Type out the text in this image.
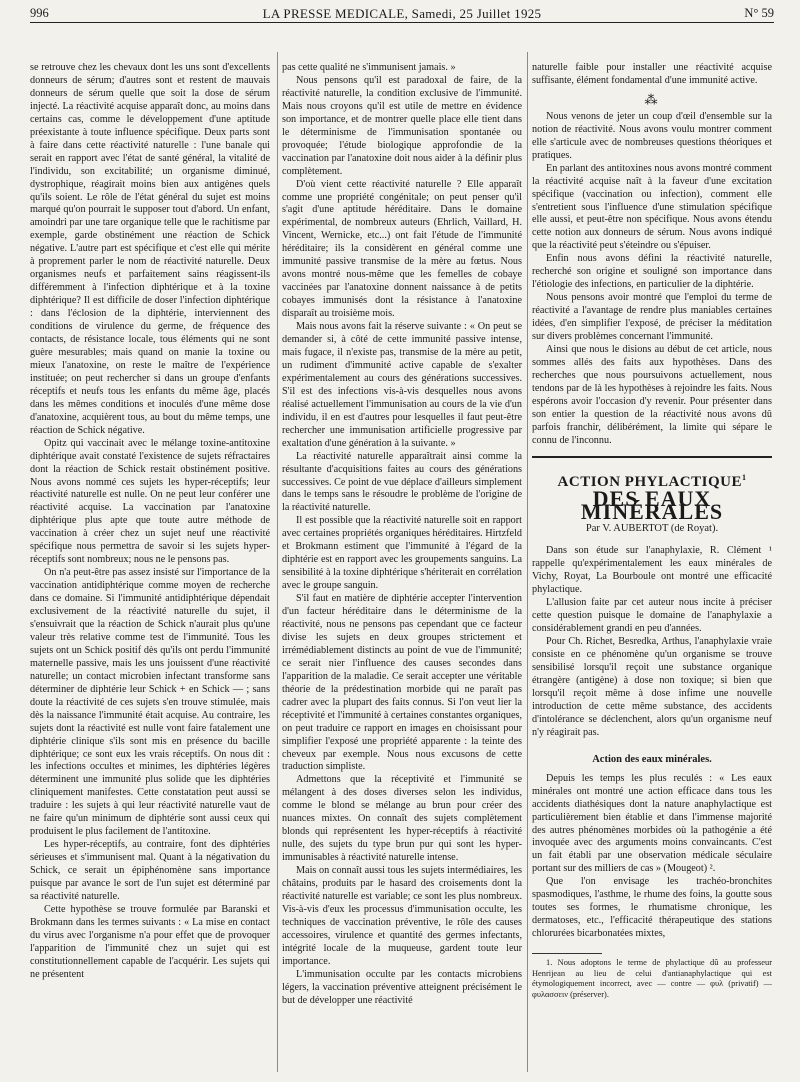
996	LA PRESSE MEDICALE, Samedi, 25 Juillet 1925	N° 59

se retrouve chez les chevaux dont les uns sont d'excellents donneurs de sérum; d'autres sont et restent de mauvais donneurs de sérum quelle que soit la dose de sérum injecté. La réactivité acquise apparaît donc, au moins dans certains cas, comme le développement d'une aptitude préexistante à toute influence spécifique. Deux parts sont à faire dans cette réactivité naturelle : l'une banale qui serait en rapport avec l'état de santé général, la vitalité de l'individu, son excitabilité; un organisme diminué, dystrophique, réagirait moins bien aux antigènes quels qu'ils soient. Le rôle de l'état général du sujet est moins marqué qu'on pourrait le supposer tout d'abord. Un enfant, amoindri par une tare organique telle que le rachitisme par exemple, garde obstinément une réaction de Schick négative. L'autre part est spécifique et c'est elle qui mérite à proprement parler le nom de réactivité naturelle. Deux organismes neufs et parfaitement sains réagissent-ils différemment à l'infection diphtérique et à la toxine diphtérique? Il est difficile de doser l'infection diphtérique : dans l'éclosion de la diphtérie, interviennent des conditions de virulence du germe, de fréquence des contacts, de résistance locale, tous éléments qui ne sont guère mesurables; mais quand on manie la toxine ou mieux l'anatoxine, on reste le maître de l'expérience instituée; on peut rechercher si dans un groupe d'enfants réceptifs et neufs tous les enfants du même âge, placés dans les mêmes conditions et inoculés d'une même dose d'anatoxine, acquièrent tous, au bout du même temps, une réaction de Schick négative.

Opitz qui vaccinait avec le mélange toxine-antitoxine diphtérique avait constaté l'existence de sujets réfractaires dont la réaction de Schick restait obstinément positive. Nous avons nommé ces sujets les hyper-réceptifs; leur réactivité naturelle est nulle. On ne peut leur conférer une réactivité acquise. La vaccination par l'anatoxine diphtérique plus apte que toute autre méthode de vaccination à créer chez un sujet neuf une réactivité spécifique nous permettra de savoir si les sujets hyper-réceptifs sont nombreux; nous ne le pensons pas.

On n'a peut-être pas assez insisté sur l'importance de la vaccination antidiphtérique comme moyen de recherche dans ce domaine. Si l'immunité antidiphtérique dépendait exclusivement de la réactivité naturelle du sujet, il s'ensuivrait que la réaction de Schick n'aurait plus qu'une valeur très relative comme test de l'immunité. Tous les sujets ont un Schick positif dès qu'ils ont perdu l'immunité maternelle passive, mais les uns jouissent d'une réactivité naturelle; un contact microbien infectant transforme sans déterminer de diphtérie leur Schick + en Schick — ; sans doute la réactivité de ces sujets s'en trouve stimulée, mais dès la naissance l'immunité était acquise. Au contraire, les sujets dont la réactivité est nulle vont faire fatalement une diphtérie clinique s'ils sont mis en présence du bacille diphtérique; ce sont eux les vrais réceptifs. On nous dit : les infections occultes et minimes, les diphtéries légères déterminent une immunité plus solide que les diphtéries cliniquement manifestes. Cette constatation peut aussi se traduire : les sujets à qui leur réactivité naturelle vaut de ne faire qu'un minimum de diphtérie sont aussi ceux qui produisent le plus facilement de l'antitoxine.

Les hyper-réceptifs, au contraire, font des diphtéries sérieuses et s'immunisent mal. Quant à la négativation du Schick, ce serait un épiphénomène sans importance puisque par avance le sort de l'un sujet est déterminé par sa réactivité naturelle.

Cette hypothèse se trouve formulée par Baranski et Brokmann dans les termes suivants : « La mise en contact du virus avec l'organisme n'a pour effet que de provoquer l'apparition de l'immunité chez un sujet qui est constitutionnellement capable de l'acquérir. Les sujets qui ne présentent

pas cette qualité ne s'immunisent jamais. »

Nous pensons qu'il est paradoxal de faire, de la réactivité naturelle, la condition exclusive de l'immunité. Mais nous croyons qu'il est utile de mettre en évidence son importance, et de montrer quelle place elle tient dans le déterminisme de l'immunisation spontanée ou provoquée; l'étude biologique approfondie de la vaccination par l'anatoxine doit nous aider à la définir plus complètement.

D'où vient cette réactivité naturelle ? Elle apparaît comme une propriété congénitale; on peut penser qu'il s'agit d'une aptitude héréditaire. Dans le domaine expérimental, de nombreux auteurs (Ehrlich, Vaillard, H. Vincent, Wernicke, etc...) ont fait l'étude de l'immunité héréditaire; ils la considèrent en général comme une immunité passive transmise de la mère au fœtus. Nous avons montré nous-même que les femelles de cobaye vaccinées par l'anatoxine donnent naissance à de petits cobayes immunisés dont la résistance à l'anatoxine disparaît au troisième mois.

Mais nous avons fait la réserve suivante : « On peut se demander si, à côté de cette immunité passive intense, mais fugace, il n'existe pas, transmise de la mère au petit, un rudiment d'immunité active capable de s'exalter expérimentalement au cours des générations successives. S'il est des infections vis-à-vis desquelles nous avons réalisé actuellement l'immunisation au cours de la vie d'un individu, il en est d'autres pour lesquelles il faut peut-être rechercher une immunisation artificielle progressive par exaltation d'une génération à la suivante. »

La réactivité naturelle apparaîtrait ainsi comme la résultante d'acquisitions faites au cours des générations successives. Ce point de vue déplace d'ailleurs simplement dans le temps sans le résoudre le problème de l'origine de la réactivité naturelle.

Il est possible que la réactivité naturelle soit en rapport avec certaines propriétés organiques héréditaires. Hirtzfeld et Brokmann estiment que l'immunité à l'égard de la diphtérie est en rapport avec les groupements sanguins. La sensibilité à la toxine diphtérique s'hériterait en corrélation avec le groupe sanguin.

S'il faut en matière de diphtérie accepter l'intervention d'un facteur héréditaire dans le déterminisme de la réactivité, nous ne pensons pas cependant que ce facteur divise les sujets en deux groupes strictement et irrémédiablement distincts au point de vue de l'immunité; ce serait nier l'influence des causes secondes dans l'apparition de la maladie. Ce serait accepter une véritable théorie de la prédestination morbide qui ne paraît pas cadrer avec la plupart des faits connus. Si l'on veut lier la réceptivité et l'immunité à certaines constantes organiques, on peut traduire ce rapport en images en choisissant pour simplifier l'exposé une propriété apparente : la teinte des cheveux par exemple. Nous nous excusons de cette traduction simpliste.

Admettons que la réceptivité et l'immunité se mélangent à des doses diverses selon les individus, comme le blond se mélange au brun pour créer des nuances mixtes. On connaît des sujets complètement blonds qui représentent les hyper-réceptifs à réactivité nulle, des sujets du type brun pur qui sont les hyper-immunisables à réactivité naturelle intense.

Mais on connaît aussi tous les sujets intermédiaires, les châtains, produits par le hasard des croisements dont la réactivité naturelle est variable; ce sont les plus nombreux. Vis-à-vis d'eux les processus d'immunisation occulte, les techniques de vaccination préventive, le rôle des causes accessoires, virulence et quantité des germes infectants, intégrité locale de la muqueuse, gardent toute leur importance.

L'immunisation occulte par les contacts microbiens légers, la vaccination préventive atteignent précisément le but de développer une réactivité

naturelle faible pour installer une réactivité acquise suffisante, élément fondamental d'une immunité active.

⁂

Nous venons de jeter un coup d'œil d'ensemble sur la notion de réactivité. Nous avons voulu montrer comment elle s'articule avec de nombreuses questions théoriques et pratiques.

En parlant des antitoxines nous avons montré comment la réactivité acquise naît à la faveur d'une excitation spécifique (vaccination ou infection), comment elle s'entretient sous l'influence d'une stimulation spécifique elle aussi, et peut-être non spécifique. Nous avons étendu cette notion aux donneurs de sérum. Nous avons indiqué que la réactivité peut s'éteindre ou s'épuiser.

Enfin nous avons défini la réactivité naturelle, recherché son origine et souligné son importance dans l'étiologie des infections, en particulier de la diphtérie.

Nous pensons avoir montré que l'emploi du terme de réactivité a l'avantage de rendre plus maniables certaines idées, d'en simplifier l'exposé, de préciser la méditation sur divers problèmes concernant l'immunité.

Ainsi que nous le disions au début de cet article, nous sommes allés des faits aux hypothèses. Dans des recherches que nous poursuivons actuellement, nous tendons par de là les hypothèses à rejoindre les faits. Nous espérons avoir l'occasion d'y revenir. Pour présenter dans son entier la question de la réactivité nous avons dû parfois franchir, délibérément, la limite qui sépare le connu de l'inconnu.

ACTION PHYLACTIQUE$^1$
DES EAUX MINÉRALES
Par V. AUBERTOT (de Royat).

Dans son étude sur l'anaphylaxie, R. Clément ¹ rappelle qu'expérimentalement les eaux minérales de Vichy, Royat, La Bourboule ont montré une efficacité phylactique.

L'allusion faite par cet auteur nous incite à préciser cette question puisque le domaine de l'anaphylaxie a considérablement grandi en peu d'années.

Pour Ch. Richet, Besredka, Arthus, l'anaphylaxie vraie consiste en ce phénomène qu'un organisme se trouve sensibilisé lorsqu'il reçoit une substance organique étrangère (antigène) à dose non toxique; si bien que lorsqu'il reçoit même à dose infime une nouvelle introduction de cette même substance, des accidents d'intolérance se déclenchent, alors qu'un organisme neuf n'y réagirait pas.

Action des eaux minérales.

Depuis les temps les plus reculés : « Les eaux minérales ont montré une action efficace dans tous les accidents diathésiques dont la nature anaphylactique est particulièrement bien établie et dans l'immense majorité des autres phénomènes morbides où la pathogénie a été invoquée avec des arguments moins convaincants. C'est un fait établi par une observation médicale séculaire portant sur des milliers de cas » (Mougeot) ².

Que l'on envisage les trachéo-bronchites spasmodiques, l'asthme, le rhume des foins, la goutte sous toutes ses formes, le rhumatisme chronique, les dermatoses, etc., l'efficacité thérapeutique des stations chlorurées bicarbonatées mixtes,

1. Nous adoptons le terme de phylactique dû au professeur Henrijean au lieu de celui d'antianaphylactique qui est étymologiquement incorrect, avec — contre — φυλ (privatif) — φυλασσειν (préserver).
